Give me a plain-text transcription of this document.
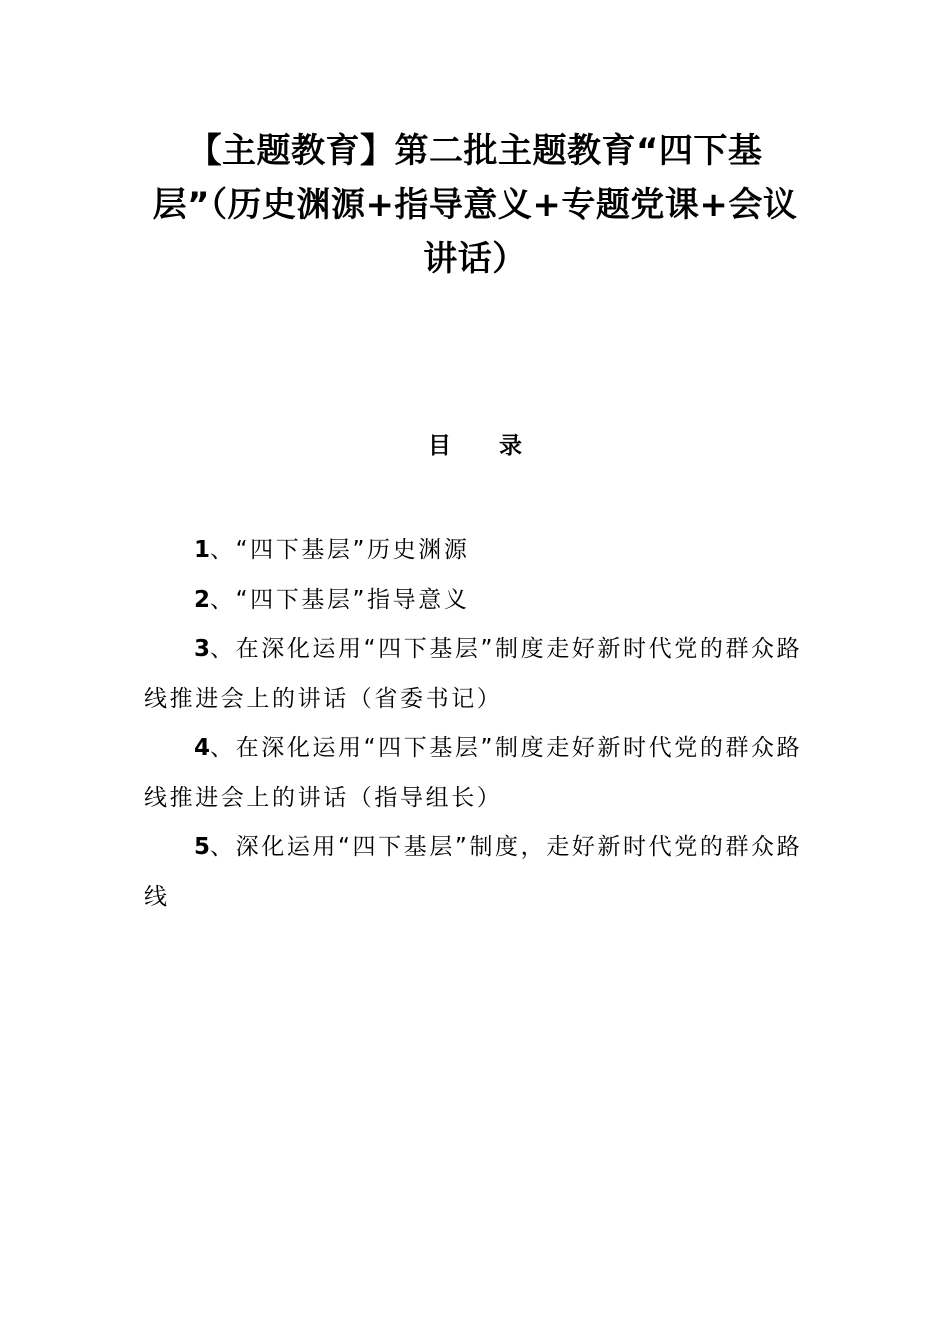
【主题教育】第二批主题教育“四下基层”（历史渊源+指导意义+专题党课+会议讲话）
目 录
1、“四下基层”历史渊源
2、“四下基层”指导意义
3、在深化运用“四下基层”制度走好新时代党的群众路线推进会上的讲话（省委书记）
4、在深化运用“四下基层”制度走好新时代党的群众路线推进会上的讲话（指导组长）
5、深化运用“四下基层”制度，走好新时代党的群众路线
